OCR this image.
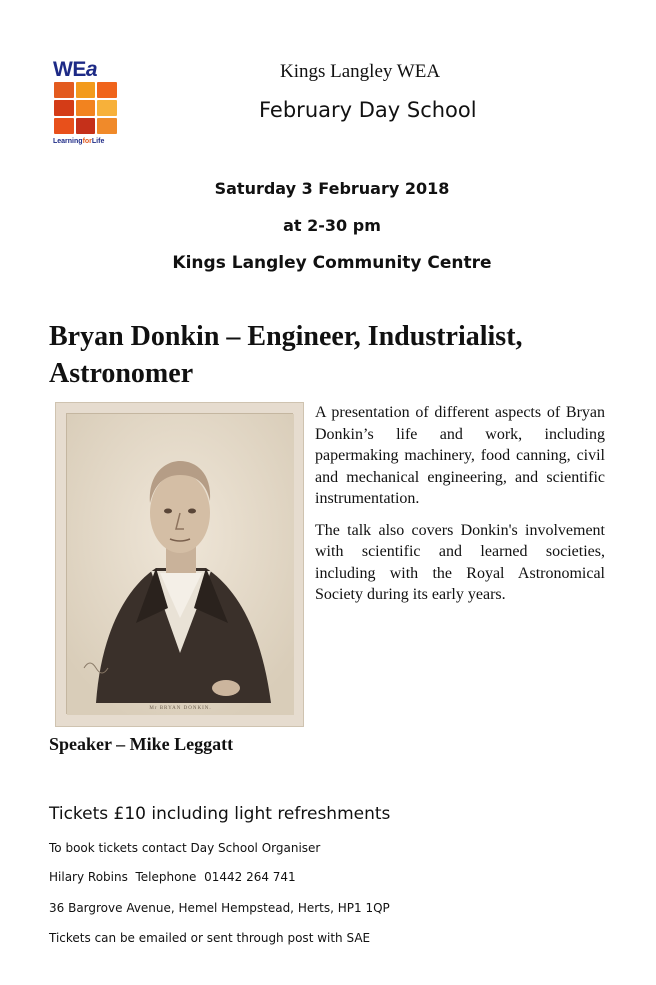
WEa
LearningforLife
Kings Langley WEA
February Day School
Saturday 3 February 2018
at 2-30 pm
Kings Langley Community Centre
Bryan Donkin – Engineer, Industrialist, Astronomer
Mr BRYAN DONKIN.

A presentation of different aspects of Bryan Donkin’s life and work, including papermaking machinery, food canning, civil and mechanical engineering, and scientific instrumentation.

The talk also covers Donkin's involvement with scientific and learned societies, including with the Royal Astronomical Society during its early years.

Speaker – Mike Leggatt
Tickets £10 including light refreshments
To book tickets contact Day School Organiser
Hilary Robins Telephone 01442 264 741
36 Bargrove Avenue, Hemel Hempstead, Herts, HP1 1QP
Tickets can be emailed or sent through post with SAE
